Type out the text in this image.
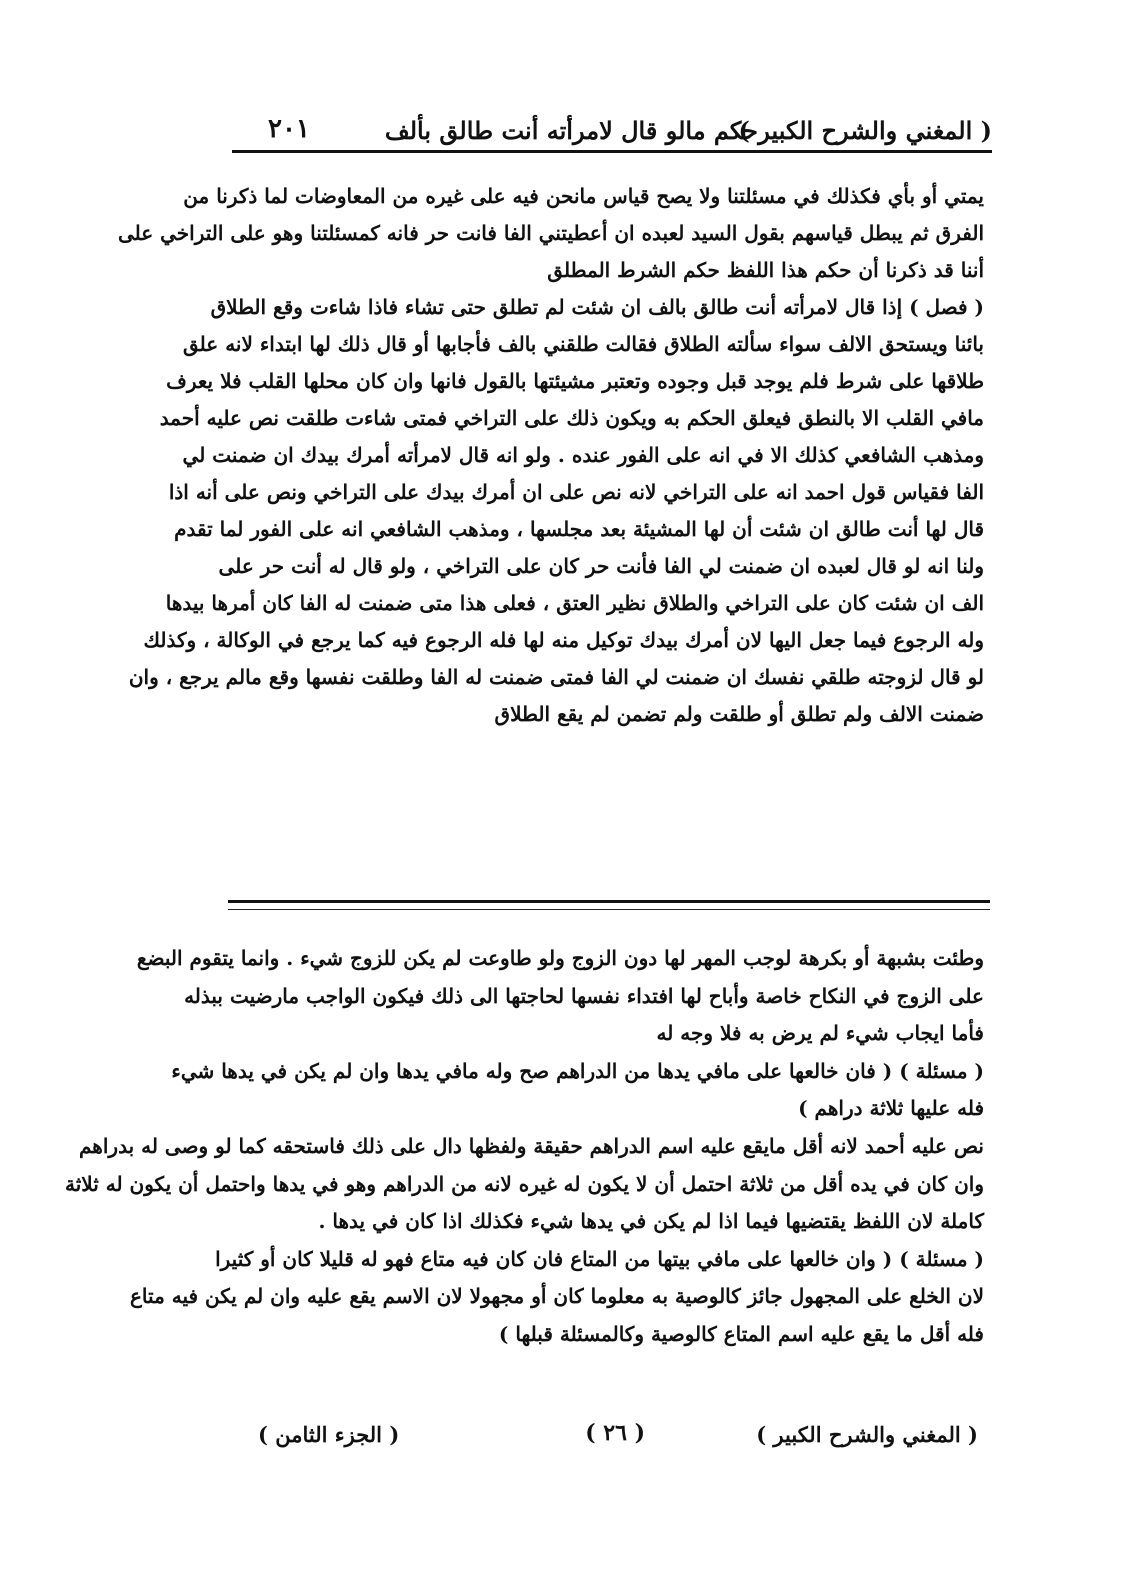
( المغني والشرح الكبير )
حكم مالو قال لامرأته أنت طالق بألف
٢٠١
يمتي أو بأي فكذلك في مسئلتنا ولا يصح قياس مانحن فيه على غيره من المعاوضات لما ذكرنا من
الفرق ثم يبطل قياسهم بقول السيد لعبده ان أعطيتني الفا فانت حر فانه كمسئلتنا وهو على التراخي على
أننا قد ذكرنا أن حكم هذا اللفظ حكم الشرط المطلق
( فصل ) إذا قال لامرأته أنت طالق بالف ان شئت لم تطلق حتى تشاء فاذا شاءت وقع الطلاق
بائنا ويستحق الالف سواء سألته الطلاق فقالت طلقني بالف فأجابها أو قال ذلك لها ابتداء لانه علق
طلاقها على شرط فلم يوجد قبل وجوده وتعتبر مشيئتها بالقول فانها وان كان محلها القلب فلا يعرف
مافي القلب الا بالنطق فيعلق الحكم به ويكون ذلك على التراخي فمتى شاءت طلقت نص عليه أحمد
ومذهب الشافعي كذلك الا في انه على الفور عنده . ولو انه قال لامرأته أمرك بيدك ان ضمنت لي
الفا فقياس قول احمد انه على التراخي لانه نص على ان أمرك بيدك على التراخي ونص على أنه اذا
قال لها أنت طالق ان شئت أن لها المشيئة بعد مجلسها ، ومذهب الشافعي انه على الفور لما تقدم
ولنا انه لو قال لعبده ان ضمنت لي الفا فأنت حر كان على التراخي ، ولو قال له أنت حر على
الف ان شئت كان على التراخي والطلاق نظير العتق ، فعلى هذا متى ضمنت له الفا كان أمرها بيدها
وله الرجوع فيما جعل اليها لان أمرك بيدك توكيل منه لها فله الرجوع فيه كما يرجع في الوكالة ، وكذلك
لو قال لزوجته طلقي نفسك ان ضمنت لي الفا فمتى ضمنت له الفا وطلقت نفسها وقع مالم يرجع ، وان
ضمنت الالف ولم تطلق أو طلقت ولم تضمن لم يقع الطلاق
وطئت بشبهة أو بكرهة لوجب المهر لها دون الزوج ولو طاوعت لم يكن للزوج شيء . وانما يتقوم البضع
على الزوج في النكاح خاصة وأباح لها افتداء نفسها لحاجتها الى ذلك فيكون الواجب مارضيت ببذله
فأما ايجاب شيء لم يرض به فلا وجه له
( مسئلة ) ( فان خالعها على مافي يدها من الدراهم صح وله مافي يدها وان لم يكن في يدها شيء
فله عليها ثلاثة دراهم )
نص عليه أحمد لانه أقل مايقع عليه اسم الدراهم حقيقة ولفظها دال على ذلك فاستحقه كما لو وصى له بدراهم
وان كان في يده أقل من ثلاثة احتمل أن لا يكون له غيره لانه من الدراهم وهو في يدها واحتمل أن يكون له ثلاثة
كاملة لان اللفظ يقتضيها فيما اذا لم يكن في يدها شيء فكذلك اذا كان في يدها .
( مسئلة ) ( وان خالعها على مافي بيتها من المتاع فان كان فيه متاع فهو له قليلا كان أو كثيرا
لان الخلع على المجهول جائز كالوصية به معلوما كان أو مجهولا لان الاسم يقع عليه وان لم يكن فيه متاع
فله أقل ما يقع عليه اسم المتاع كالوصية وكالمسئلة قبلها )
( المغني والشرح الكبير )
( ٢٦ )
( الجزء الثامن )
